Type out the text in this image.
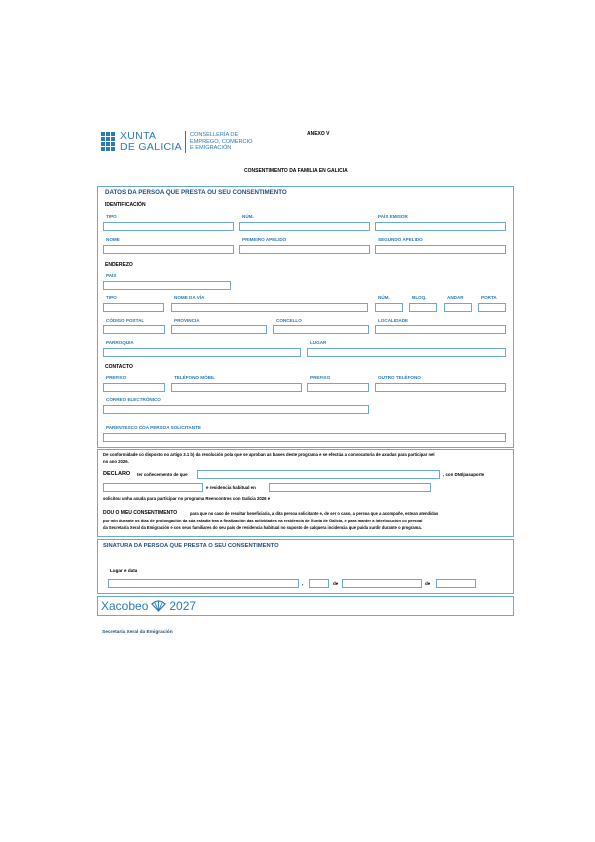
XUNTA
DE GALICIA
CONSELLERÍA DE
EMPREGO, COMERCIO
E EMIGRACIÓN
ANEXO V
CONSENTIMENTO DA FAMILIA EN GALICIA
DATOS DA PERSOA QUE PRESTA OU SEU CONSENTIMENTO
IDENTIFICACIÓN
TIPO	NÚM.	PAÍS EMISOR
NOME	PRIMEIRO APELIDO	SEGUNDO APELIDO
ENDEREZO
PAÍS
TIPO	NOME DA VÍA	NÚM.	BLOQ.	ANDAR	PORTA
CÓDIGO POSTAL	PROVINCIA	CONCELLO	LOCALIDADE
PARROQUIA	LUGAR
CONTACTO
PREFIXO	TELÉFONO MÓBIL	PREFIXO	OUTRO TELÉFONO
CORREO ELECTRÓNICO
PARENTESCO COA PERSOA SOLICITANTE
De conformidade co disposto no artigo 3.1 b) da resolución pola que se aproban as bases deste programa e se efectúa a convocatoria de axudas para participar nel
no ano 2026.
DECLARO ter coñecemento de que	, con DNI/pasaporte
e residencia habitual en
solicitou unha axuda para participar no programa Reencontros con Galicia 2026 e
DOU O MEU CONSENTIMENTO	para que no caso de resultar beneficiaria, a dita persoa solicitante e, de ser o caso, a persoa que a acompañe, estean atendidas
por min durante os días de prolongación da súa estadía tras a finalización das actividades na residencia de Xunta de Galicia, e para manter a interlocución co persoal
da Secretaría Xeral da Emigración e cos seus familiares do seu país de residencia habitual no suposto de calquera incidencia que puida xurdir durante o programa.
SINATURA DA PERSOA QUE PRESTA O SEU CONSENTIMENTO
Lugar e data
,	de	de
Xacobeo 2027
Secretaría Xeral da Emigración
